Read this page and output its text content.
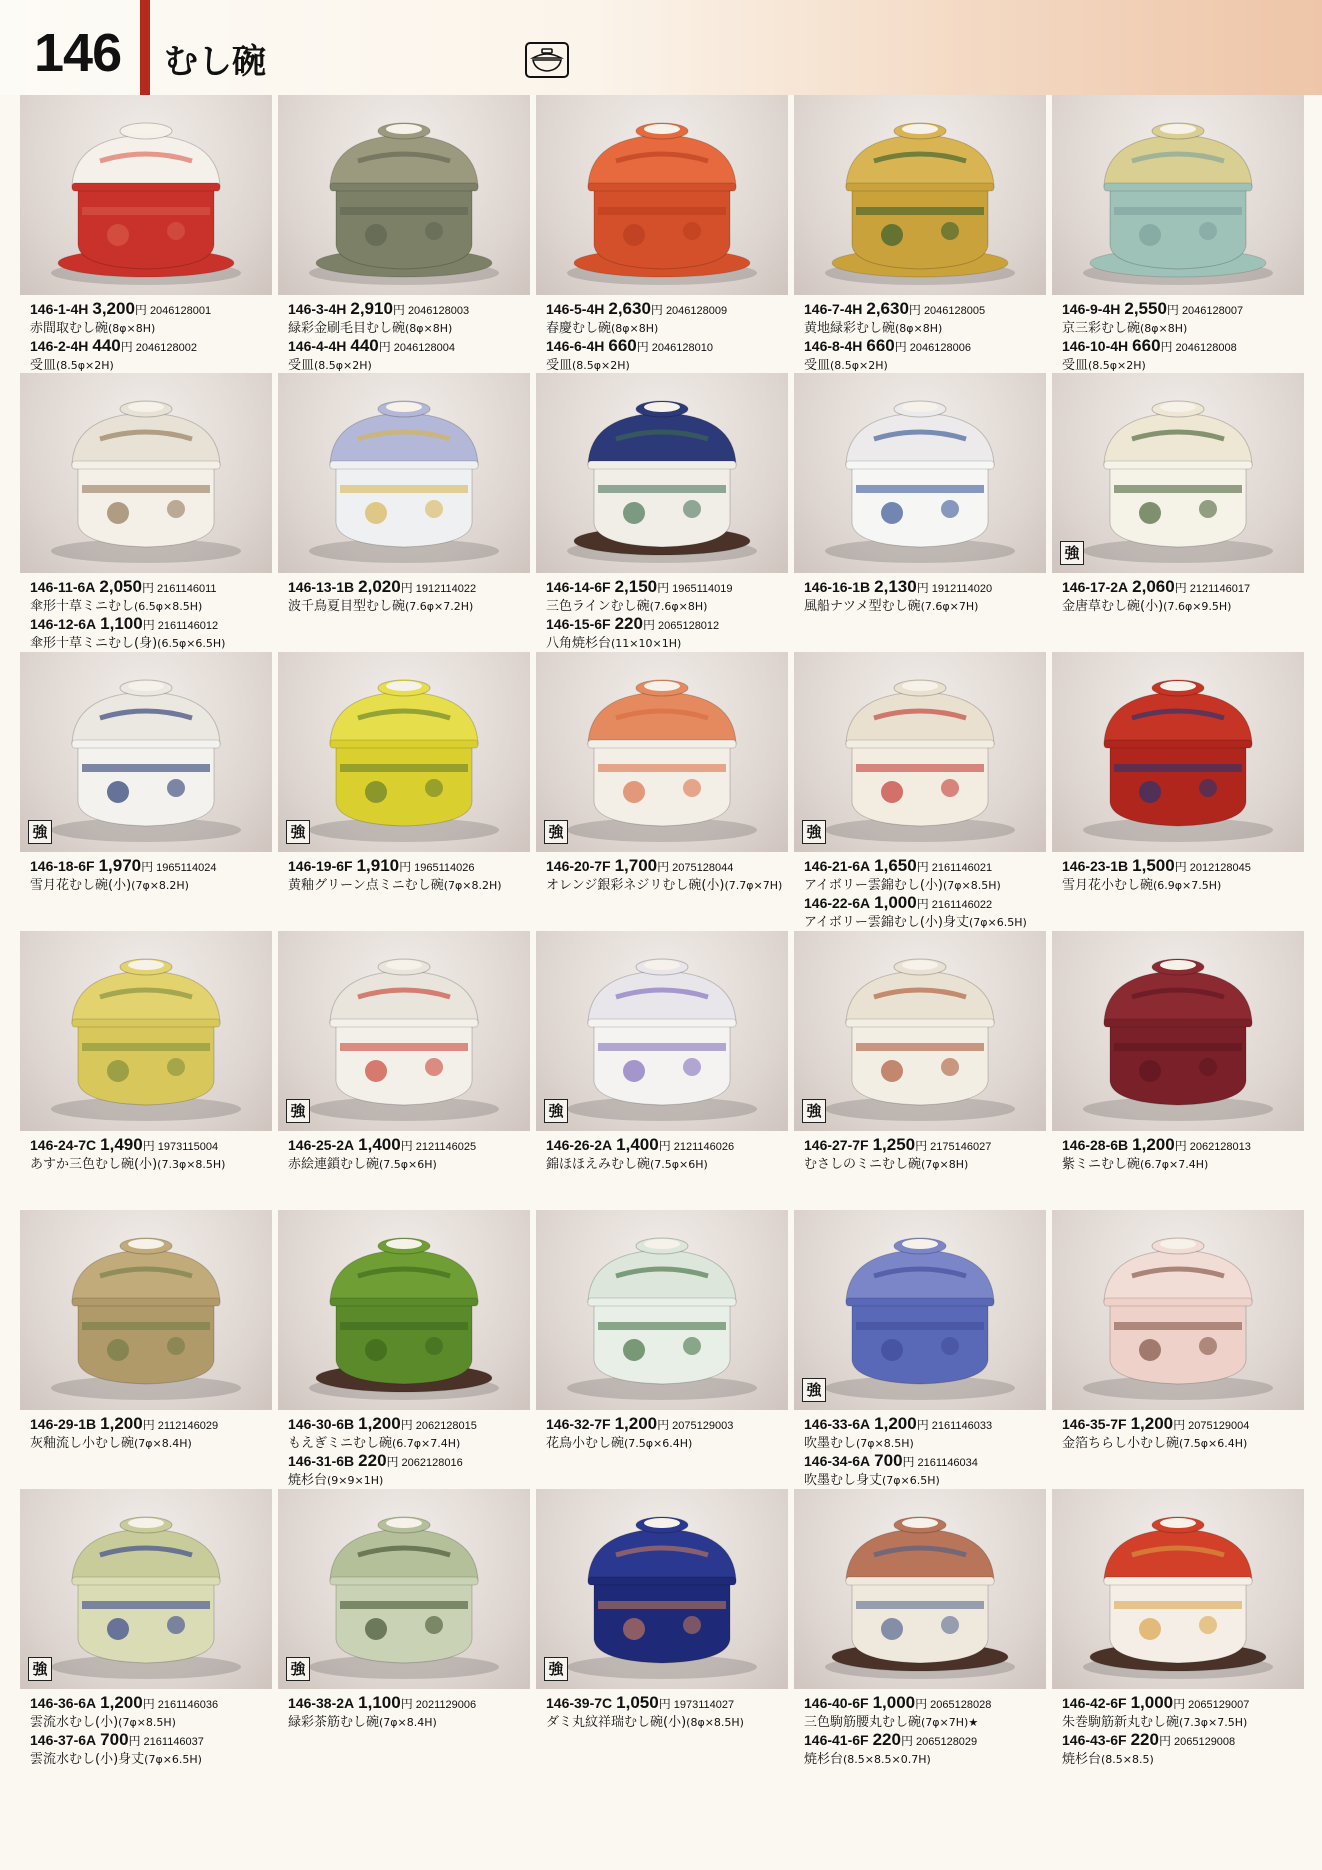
146 むし碗
146-1-4H 3,200円 2046128001
赤間取むし碗(8φ×8H)
146-2-4H 440円 2046128002
受皿(8.5φ×2H)
146-3-4H 2,910円 2046128003
緑彩金刷毛目むし碗(8φ×8H)
146-4-4H 440円 2046128004
受皿(8.5φ×2H)
146-5-4H 2,630円 2046128009
春慶むし碗(8φ×8H)
146-6-4H 660円 2046128010
受皿(8.5φ×2H)
146-7-4H 2,630円 2046128005
黄地緑彩むし碗(8φ×8H)
146-8-4H 660円 2046128006
受皿(8.5φ×2H)
146-9-4H 2,550円 2046128007
京三彩むし碗(8φ×8H)
146-10-4H 660円 2046128008
受皿(8.5φ×2H)
146-11-6A 2,050円 2161146011
傘形十草ミニむし(6.5φ×8.5H)
146-12-6A 1,100円 2161146012
傘形十草ミニむし(身)(6.5φ×6.5H)
146-13-1B 2,020円 1912114022
波千鳥夏目型むし碗(7.6φ×7.2H)
146-14-6F 2,150円 1965114019
三色ラインむし碗(7.6φ×8H)
146-15-6F 220円 2065128012
八角焼杉台(11×10×1H)
146-16-1B 2,130円 1912114020
風船ナツメ型むし碗(7.6φ×7H)
強
146-17-2A 2,060円 2121146017
金唐草むし碗(小)(7.6φ×9.5H)
強
146-18-6F 1,970円 1965114024
雪月花むし碗(小)(7φ×8.2H)
強
146-19-6F 1,910円 1965114026
黄釉グリーン点ミニむし碗(7φ×8.2H)
強
146-20-7F 1,700円 2075128044
オレンジ銀彩ネジリむし碗(小)(7.7φ×7H)
強
146-21-6A 1,650円 2161146021
アイボリー雲錦むし(小)(7φ×8.5H)
146-22-6A 1,000円 2161146022
アイボリー雲錦むし(小)身丈(7φ×6.5H)
146-23-1B 1,500円 2012128045
雪月花小むし碗(6.9φ×7.5H)
146-24-7C 1,490円 1973115004
あすか三色むし碗(小)(7.3φ×8.5H)
強
146-25-2A 1,400円 2121146025
赤絵連鎖むし碗(7.5φ×6H)
強
146-26-2A 1,400円 2121146026
錦ほほえみむし碗(7.5φ×6H)
強
146-27-7F 1,250円 2175146027
むさしのミニむし碗(7φ×8H)
146-28-6B 1,200円 2062128013
紫ミニむし碗(6.7φ×7.4H)
146-29-1B 1,200円 2112146029
灰釉流し小むし碗(7φ×8.4H)
146-30-6B 1,200円 2062128015
もえぎミニむし碗(6.7φ×7.4H)
146-31-6B 220円 2062128016
焼杉台(9×9×1H)
146-32-7F 1,200円 2075129003
花鳥小むし碗(7.5φ×6.4H)
強
146-33-6A 1,200円 2161146033
吹墨むし(7φ×8.5H)
146-34-6A 700円 2161146034
吹墨むし身丈(7φ×6.5H)
146-35-7F 1,200円 2075129004
金箔ちらし小むし碗(7.5φ×6.4H)
強
146-36-6A 1,200円 2161146036
雲流水むし(小)(7φ×8.5H)
146-37-6A 700円 2161146037
雲流水むし(小)身丈(7φ×6.5H)
強
146-38-2A 1,100円 2021129006
緑彩茶筋むし碗(7φ×8.4H)
強
146-39-7C 1,050円 1973114027
ダミ丸紋祥瑞むし碗(小)(8φ×8.5H)
146-40-6F 1,000円 2065128028
三色駒筋腰丸むし碗(7φ×7H)★
146-41-6F 220円 2065128029
焼杉台(8.5×8.5×0.7H)
146-42-6F 1,000円 2065129007
朱巻駒筋新丸むし碗(7.3φ×7.5H)
146-43-6F 220円 2065129008
焼杉台(8.5×8.5)
